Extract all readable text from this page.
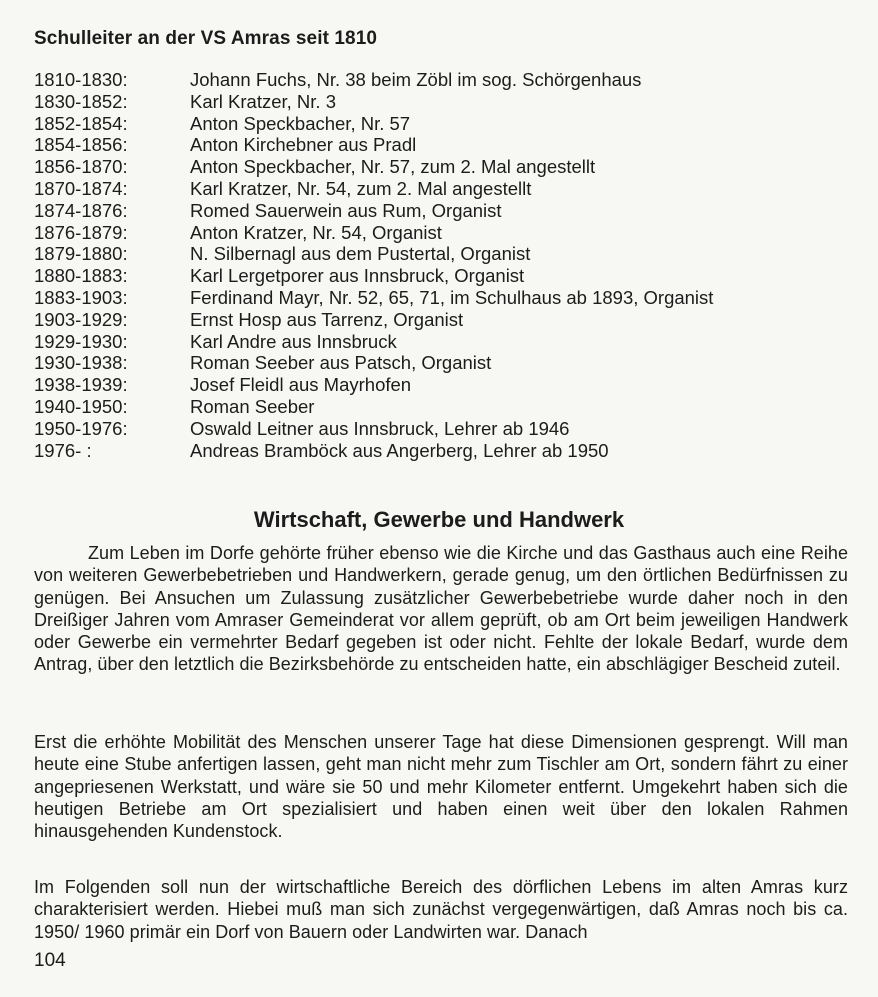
Schulleiter an der VS Amras seit 1810
1810-1830:	Johann Fuchs, Nr. 38 beim Zöbl im sog. Schörgenhaus
1830-1852:	Karl Kratzer, Nr. 3
1852-1854:	Anton Speckbacher, Nr. 57
1854-1856:	Anton Kirchebner aus Pradl
1856-1870:	Anton Speckbacher, Nr. 57, zum 2. Mal angestellt
1870-1874:	Karl Kratzer, Nr. 54, zum 2. Mal angestellt
1874-1876:	Romed Sauerwein aus Rum, Organist
1876-1879:	Anton Kratzer, Nr. 54, Organist
1879-1880:	N. Silbernagl aus dem Pustertal, Organist
1880-1883:	Karl Lergetporer aus Innsbruck, Organist
1883-1903:	Ferdinand Mayr, Nr. 52, 65, 71, im Schulhaus ab 1893, Organist
1903-1929:	Ernst Hosp aus Tarrenz, Organist
1929-1930:	Karl Andre aus Innsbruck
1930-1938:	Roman Seeber aus Patsch, Organist
1938-1939:	Josef Fleidl aus Mayrhofen
1940-1950:	Roman Seeber
1950-1976:	Oswald Leitner aus Innsbruck, Lehrer ab 1946
1976- :	Andreas Bramböck aus Angerberg, Lehrer ab 1950
Wirtschaft, Gewerbe und Handwerk

Zum Leben im Dorfe gehörte früher ebenso wie die Kirche und das Gasthaus auch eine Reihe von weiteren Gewerbebetrieben und Handwerkern, gerade genug, um den örtlichen Bedürfnissen zu genügen. Bei Ansuchen um Zulassung zusätzlicher Gewerbebetriebe wurde daher noch in den Dreißiger Jahren vom Amraser Gemeinderat vor allem geprüft, ob am Ort beim jeweiligen Handwerk oder Gewerbe ein vermehrter Bedarf gegeben ist oder nicht. Fehlte der lokale Bedarf, wurde dem Antrag, über den letztlich die Bezirksbehörde zu entscheiden hatte, ein abschlägiger Bescheid zuteil.

Erst die erhöhte Mobilität des Menschen unserer Tage hat diese Dimensionen gesprengt. Will man heute eine Stube anfertigen lassen, geht man nicht mehr zum Tischler am Ort, sondern fährt zu einer angepriesenen Werkstatt, und wäre sie 50 und mehr Kilometer entfernt. Umgekehrt haben sich die heutigen Betriebe am Ort spezialisiert und haben einen weit über den lokalen Rahmen hinausgehenden Kundenstock.

Im Folgenden soll nun der wirtschaftliche Bereich des dörflichen Lebens im alten Amras kurz charakterisiert werden. Hiebei muß man sich zunächst vergegenwärtigen, daß Amras noch bis ca. 1950/ 1960 primär ein Dorf von Bauern oder Landwirten war. Danach

104
